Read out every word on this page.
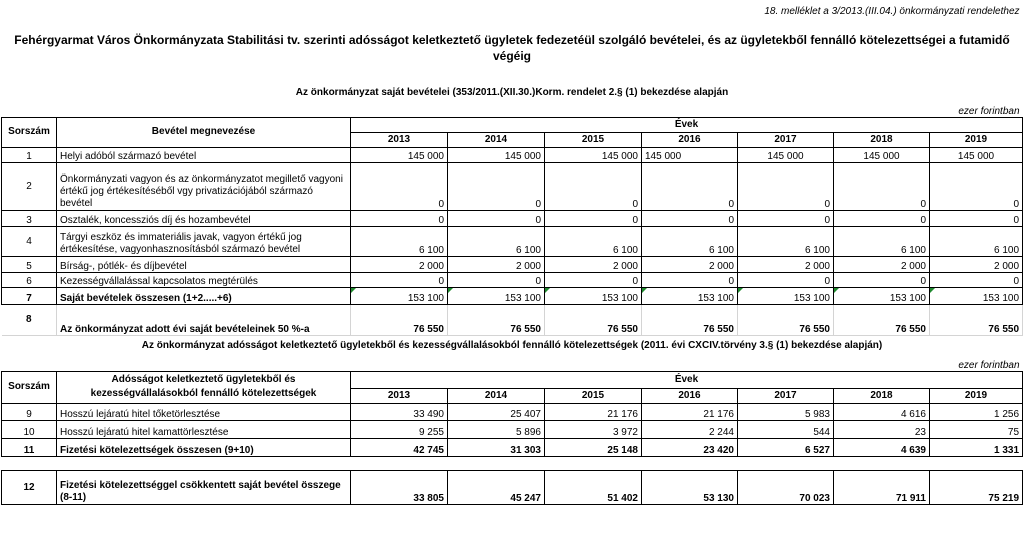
18. melléklet a 3/2013.(III.04.) önkormányzati rendelethez								

Fehérgyarmat Város Önkormányzata Stabilitási tv. szerinti adósságot keletkeztető ügyletek fedezetéül szolgáló bevételei, és az ügyletekből fennálló kötelezettségei a futamidő végéig								

Az önkormányzat saját bevételei (353/2011.(XII.30.)Korm. rendelet 2.§ (1) bekezdése alapján								
ezer forintban								
Sorszám	Bevétel megnevezése	Évek						
		2013	2014	2015	2016	2017	2018	2019
1	Helyi adóból származó bevétel	145 000	145 000	145 000	145 000	145 000	145 000	145 000
2	Önkormányzati vagyon és az önkormányzatot megillető vagyoni értékű jog értékesítéséből vgy privatizációjából származó bevétel	0	0	0	0	0	0	0
3	Osztalék, koncessziós díj és hozambevétel	0	0	0	0	0	0	0
4	Tárgyi eszköz és immateriális javak, vagyon értékű jog értékesítése, vagyonhasznosításból származó bevétel	6 100	6 100	6 100	6 100	6 100	6 100	6 100
5	Bírság-, pótlék- és díjbevétel	2 000	2 000	2 000	2 000	2 000	2 000	2 000
6	Kezességvállalással kapcsolatos megtérülés	0	0	0	0	0	0	0
7	Saját bevételek összesen (1+2.....+6)	153 100	153 100	153 100	153 100	153 100	153 100	153 100
8	Az önkormányzat adott évi saját bevételeinek 50 %-a	76 550	76 550	76 550	76 550	76 550	76 550	76 550
Az önkormányzat adósságot keletkeztető ügyletekből és kezességvállalásokból fennálló kötelezettségek (2011. évi CXCIV.törvény 3.§ (1) bekezdése alapján)								
ezer forintban								
Sorszám	Adósságot keletkeztető ügyletekből és kezességvállalásokból fennálló kötelezettségek	Évek						
		2013	2014	2015	2016	2017	2018	2019
9	Hosszú lejáratú hitel tőketörlesztése	33 490	25 407	21 176	21 176	5 983	4 616	1 256
10	Hosszú lejáratú hitel kamattörlesztése	9 255	5 896	3 972	2 244	544	23	75
11	Fizetési kötelezettségek összesen (9+10)	42 745	31 303	25 148	23 420	6 527	4 639	1 331

12	Fizetési kötelezettséggel csökkentett saját bevétel összege (8-11)	33 805	45 247	51 402	53 130	70 023	71 911	75 219
